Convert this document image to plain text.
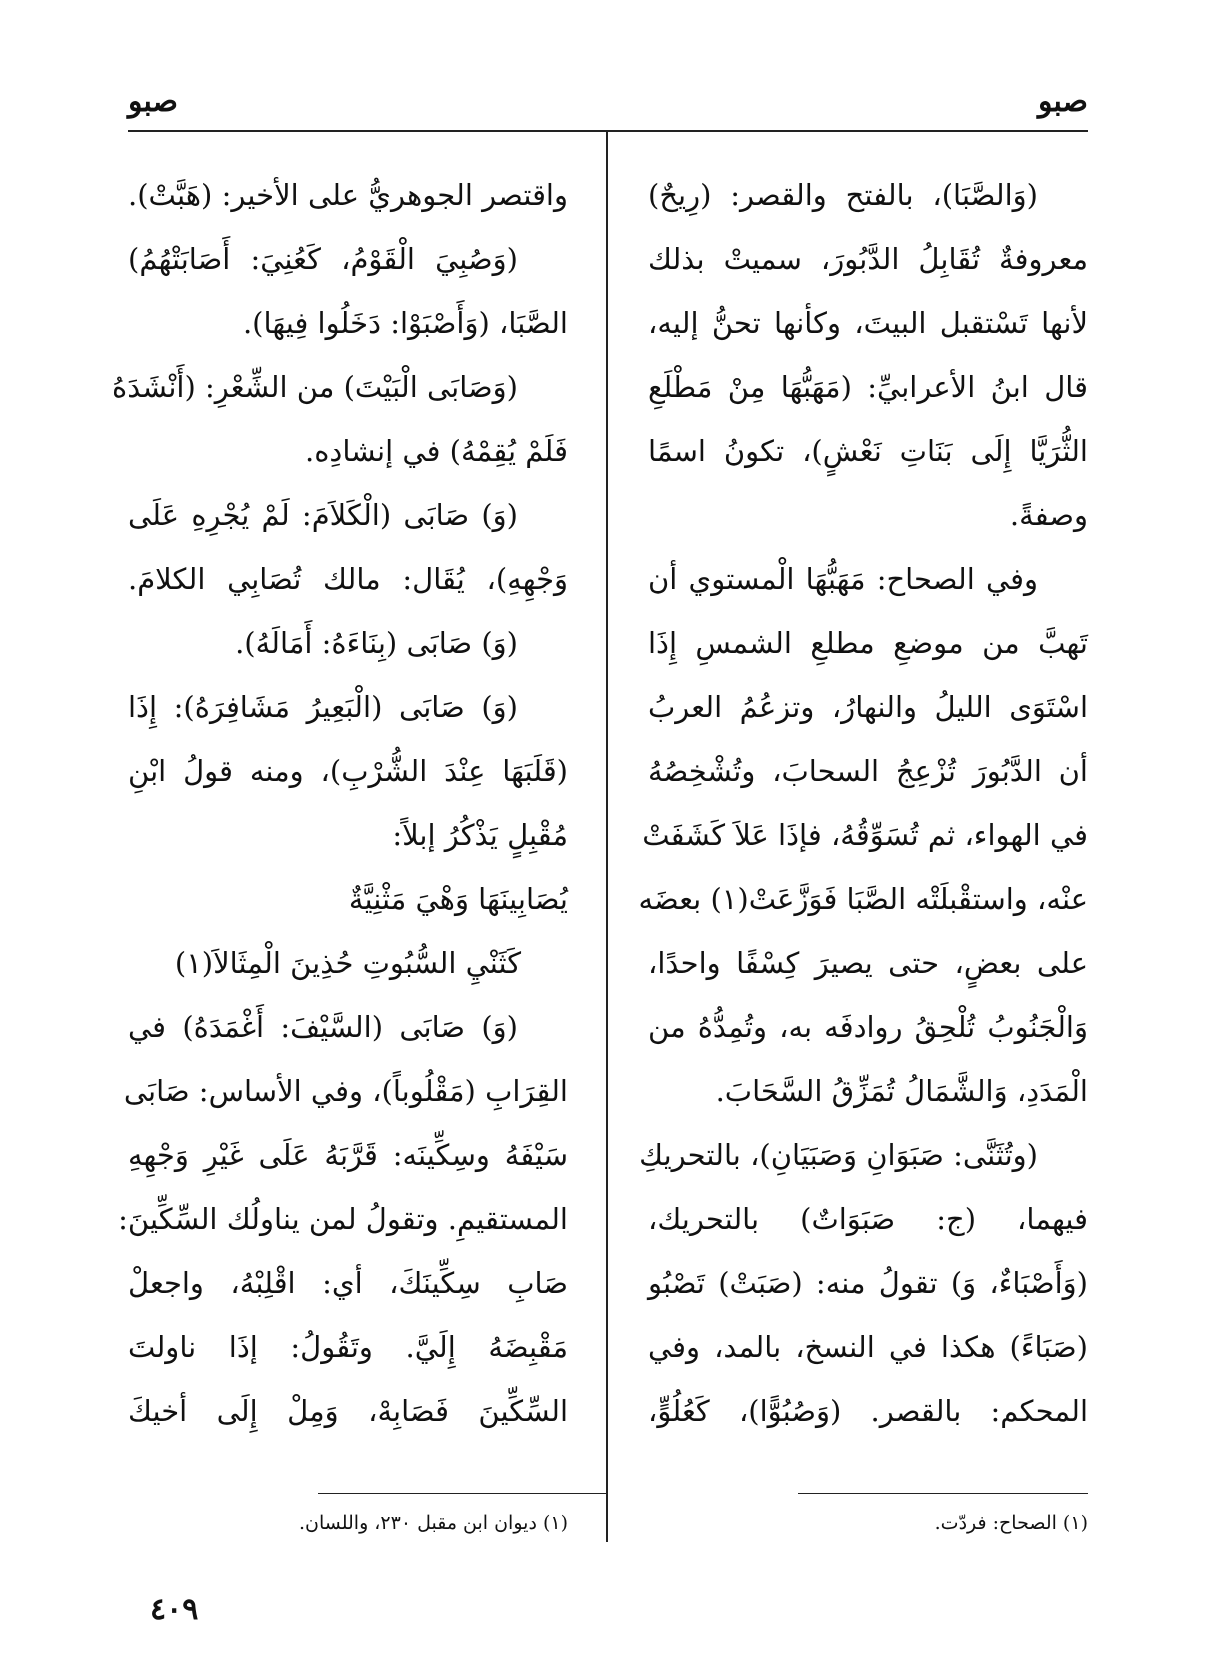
صبو
صبو
(وَالصَّبَا)، بالفتح والقصر: (رِيحٌ)
معروفةٌ تُقَابِلُ الدَّبُورَ، سميتْ بذلك
لأنها تَسْتقبل البيتَ، وكأنها تحنُّ إليه،
قال ابنُ الأعرابيِّ: (مَهَبُّهَا مِنْ مَطْلَعِ
الثُّرَيَّا إِلَى بَنَاتِ نَعْشٍ)، تكونُ اسمًا
وصفةً.
وفي الصحاح: مَهَبُّهَا الْمستوي أن
تَهبَّ من موضعِ مطلعِ الشمسِ إِذَا
اسْتَوَى الليلُ والنهارُ، وتزعُمُ العربُ
أن الدَّبُورَ تُزْعِجُ السحابَ، وتُشْخِصُهُ
في الهواء، ثم تُسَوِّقُهُ، فإذَا عَلاَ كَشَفَتْ
عنْه، واستقْبلَتْه الصَّبَا فَوَزَّعَتْ(١) بعضَه
على بعضٍ، حتى يصيرَ كِسْفًا واحدًا،
وَالْجَنُوبُ تُلْحِقُ روادفَه به، وتُمِدُّهُ من
الْمَدَدِ، وَالشَّمَالُ تُمَزِّقُ السَّحَابَ.
(وتُثَنَّى: صَبَوَانِ وَصَبَيَانِ)، بالتحريكِ
فيهما، (ج: صَبَوَاتٌ) بالتحريك،
(وَأَصْبَاءٌ، وَ) تقولُ منه: (صَبَتْ) تَصْبُو
(صَبَاءً) هكذا في النسخ، بالمد، وفي
المحكم: بالقصر. (وَصُبُوًّا)، كَعُلُوٍّ،
واقتصر الجوهريُّ على الأخير: (هَبَّتْ).
(وَصُبِيَ الْقَوْمُ، كَعُنِيَ: أَصَابَتْهُمُ)
الصَّبَا، (وَأَصْبَوْا: دَخَلُوا فِيهَا).
(وَصَابَى الْبَيْتَ) من الشِّعْرِ: (أَنْشَدَهُ
فَلَمْ يُقِمْهُ) في إنشادِه.
(وَ) صَابَى (الْكَلاَمَ: لَمْ يُجْرِهِ عَلَى
وَجْهِهِ)، يُقَال: مالك تُصَابِي الكلامَ.
(وَ) صَابَى (بِنَاءَهُ: أَمَالَهُ).
(وَ) صَابَى (الْبَعِيرُ مَشَافِرَهُ): إِذَا
(قَلَبَهَا عِنْدَ الشُّرْبِ)، ومنه قولُ ابْنِ
مُقْبِلٍ يَذْكُرُ إبلاً:
يُصَابِينَهَا وَهْيَ مَثْنِيَّةٌ
كَثَنْيِ السُّبُوتِ حُذِينَ الْمِثَالاَ(١)
(وَ) صَابَى (السَّيْفَ: أَغْمَدَهُ) في
القِرَابِ (مَقْلُوباً)، وفي الأساس: صَابَى
سَيْفَهُ وسِكِّينَه: قَرَّبَهُ عَلَى غَيْرِ وَجْهِهِ
المستقيمِ. وتقولُ لمن يناولُك السِّكِّينَ:
صَابِ سِكِّينَكَ، أي: اقْلِبْهُ، واجعلْ
مَقْبِضَهُ إِلَيَّ. وتَقُولُ: إذَا ناولتَ
السِّكِّينَ فَصَابِهْ، وَمِلْ إِلَى أخيكَ
(١) الصحاح: فردّت.
(١) ديوان ابن مقبل ٢٣٠، واللسان.
٤٠٩
